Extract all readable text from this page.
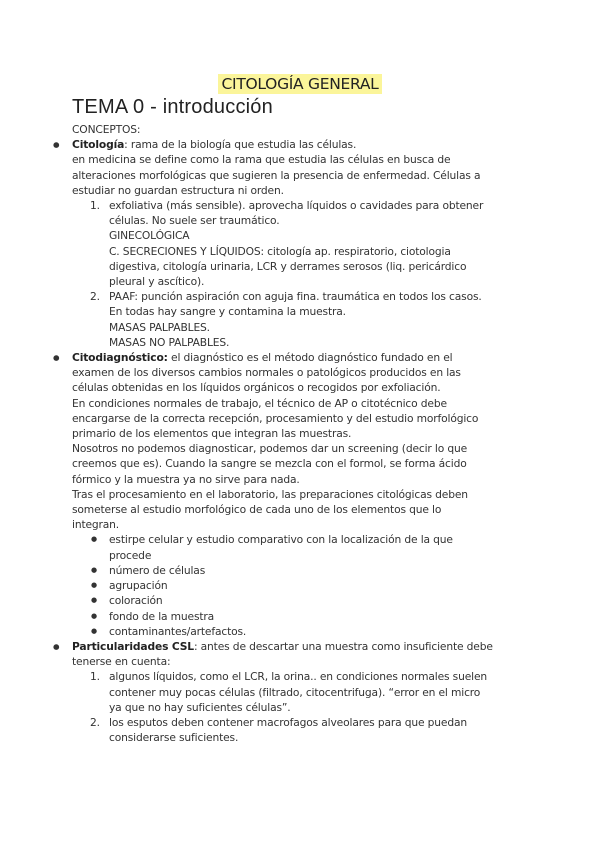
CITOLOGÍA GENERAL
TEMA 0 - introducción
CONCEPTOS:
● Citología: rama de la biología que estudia las células.
en medicina se define como la rama que estudia las células en busca de
alteraciones morfológicas que sugieren la presencia de enfermedad. Células a
estudiar no guardan estructura ni orden.
1. exfoliativa (más sensible). aprovecha líquidos o cavidades para obtener
células. No suele ser traumático.
GINECOLÓGICA
C. SECRECIONES Y LÍQUIDOS: citología ap. respiratorio, ciotologia
digestiva, citología urinaria, LCR y derrames serosos (liq. pericárdico
pleural y ascítico).
2. PAAF: punción aspiración con aguja fina. traumática en todos los casos.
En todas hay sangre y contamina la muestra.
MASAS PALPABLES.
MASAS NO PALPABLES.
● Citodiagnóstico: el diagnóstico es el método diagnóstico fundado en el
examen de los diversos cambios normales o patológicos producidos en las
células obtenidas en los líquidos orgánicos o recogidos por exfoliación.
En condiciones normales de trabajo, el técnico de AP o citotécnico debe
encargarse de la correcta recepción, procesamiento y del estudio morfológico
primario de los elementos que integran las muestras.
Nosotros no podemos diagnosticar, podemos dar un screening (decir lo que
creemos que es). Cuando la sangre se mezcla con el formol, se forma ácido
fórmico y la muestra ya no sirve para nada.
Tras el procesamiento en el laboratorio, las preparaciones citológicas deben
someterse al estudio morfológico de cada uno de los elementos que lo
integran.
● estirpe celular y estudio comparativo con la localización de la que
procede
● número de células
● agrupación
● coloración
● fondo de la muestra
● contaminantes/artefactos.
● Particularidades CSL: antes de descartar una muestra como insuficiente debe
tenerse en cuenta:
1. algunos líquidos, como el LCR, la orina.. en condiciones normales suelen
contener muy pocas células (filtrado, citocentrifuga). “error en el micro
ya que no hay suficientes células”.
2. los esputos deben contener macrofagos alveolares para que puedan
considerarse suficientes.
